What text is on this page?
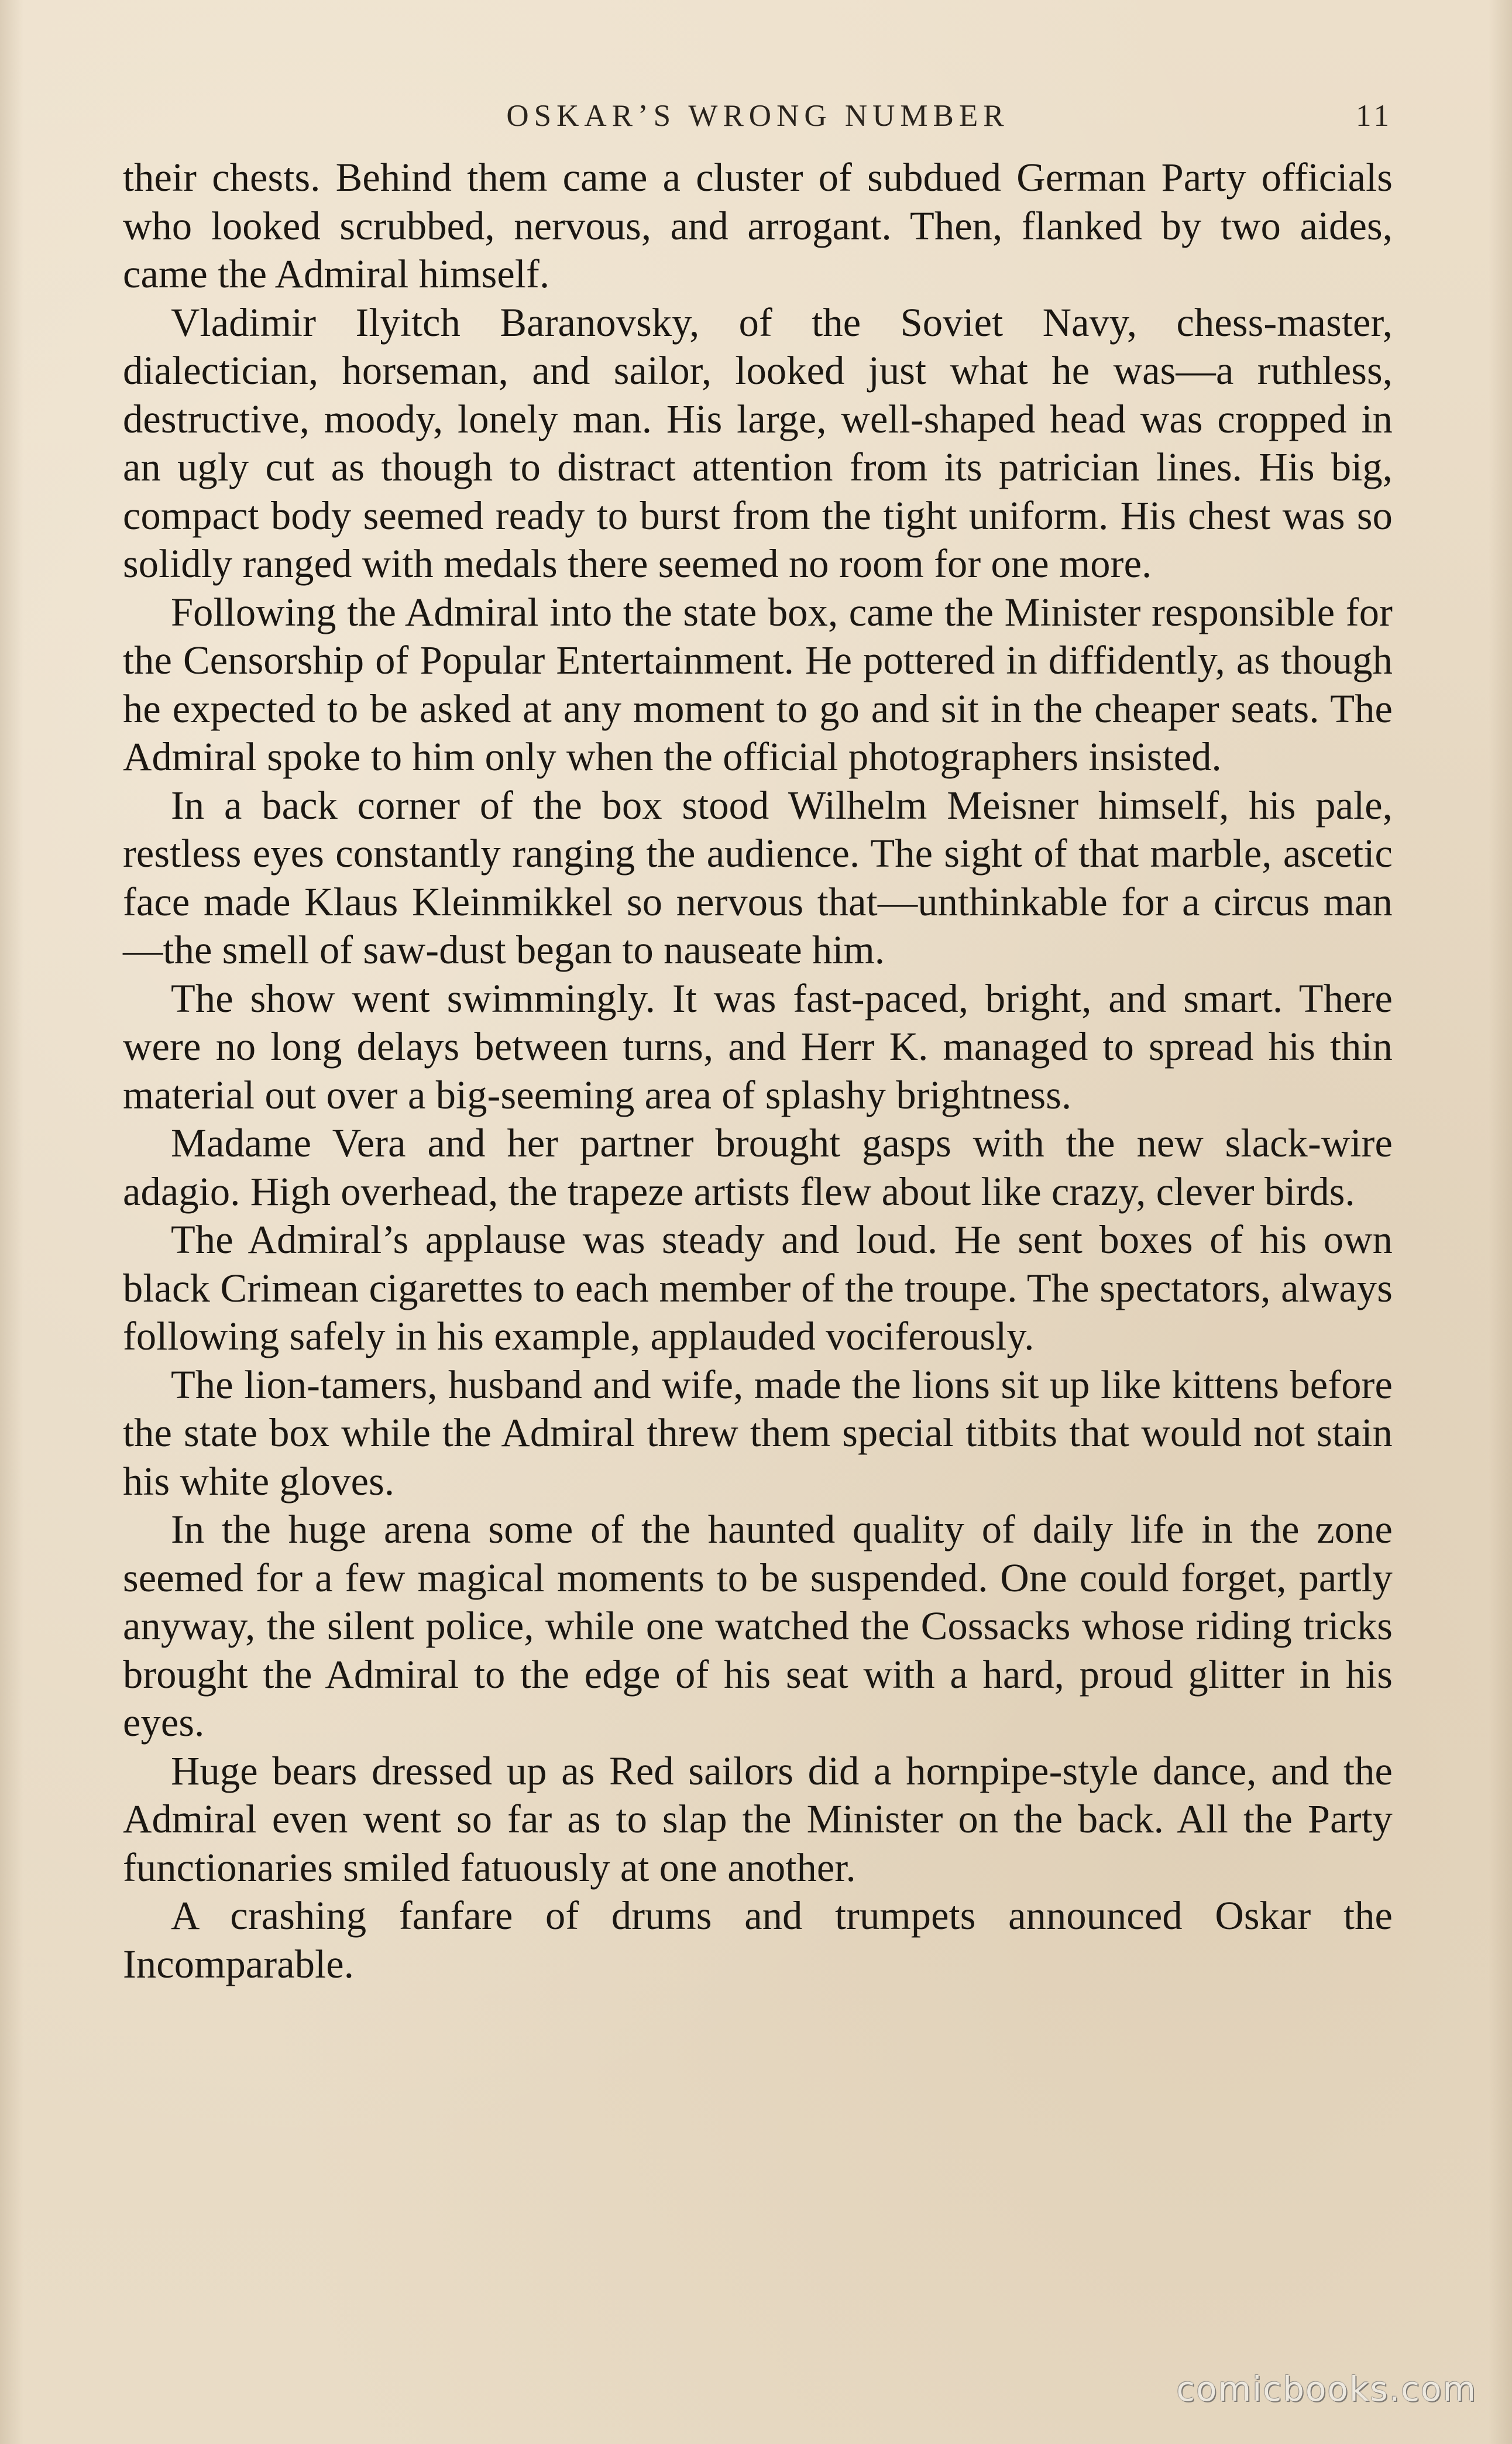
OSKAR’S WRONG NUMBER	11

their chests. Behind them came a cluster of subdued German Party officials who looked scrubbed, nervous, and arrogant. Then, flanked by two aides, came the Admiral himself.

Vladimir Ilyitch Baranovsky, of the Soviet Navy, chess-master, dialectician, horseman, and sailor, looked just what he was—a ruthless, destructive, moody, lonely man. His large, well-shaped head was cropped in an ugly cut as though to distract attention from its patrician lines. His big, compact body seemed ready to burst from the tight uniform. His chest was so solidly ranged with medals there seemed no room for one more.

Following the Admiral into the state box, came the Minister responsible for the Censorship of Popular Entertainment. He pottered in diffidently, as though he expected to be asked at any moment to go and sit in the cheaper seats. The Admiral spoke to him only when the official photographers insisted.

In a back corner of the box stood Wilhelm Meisner himself, his pale, restless eyes constantly ranging the audience. The sight of that marble, ascetic face made Klaus Kleinmikkel so nervous that—unthinkable for a circus man—the smell of saw-dust began to nauseate him.

The show went swimmingly. It was fast-paced, bright, and smart. There were no long delays between turns, and Herr K. managed to spread his thin material out over a big-seeming area of splashy brightness.

Madame Vera and her partner brought gasps with the new slack-wire adagio. High overhead, the trapeze artists flew about like crazy, clever birds.

The Admiral’s applause was steady and loud. He sent boxes of his own black Crimean cigarettes to each member of the troupe. The spectators, always following safely in his example, applauded vociferously.

The lion-tamers, husband and wife, made the lions sit up like kittens before the state box while the Admiral threw them special titbits that would not stain his white gloves.

In the huge arena some of the haunted quality of daily life in the zone seemed for a few magical moments to be suspended. One could forget, partly anyway, the silent police, while one watched the Cossacks whose riding tricks brought the Admiral to the edge of his seat with a hard, proud glitter in his eyes.

Huge bears dressed up as Red sailors did a hornpipe-style dance, and the Admiral even went so far as to slap the Minister on the back. All the Party functionaries smiled fatuously at one another.

A crashing fanfare of drums and trumpets announced Oskar the Incomparable.

comicbooks.com
